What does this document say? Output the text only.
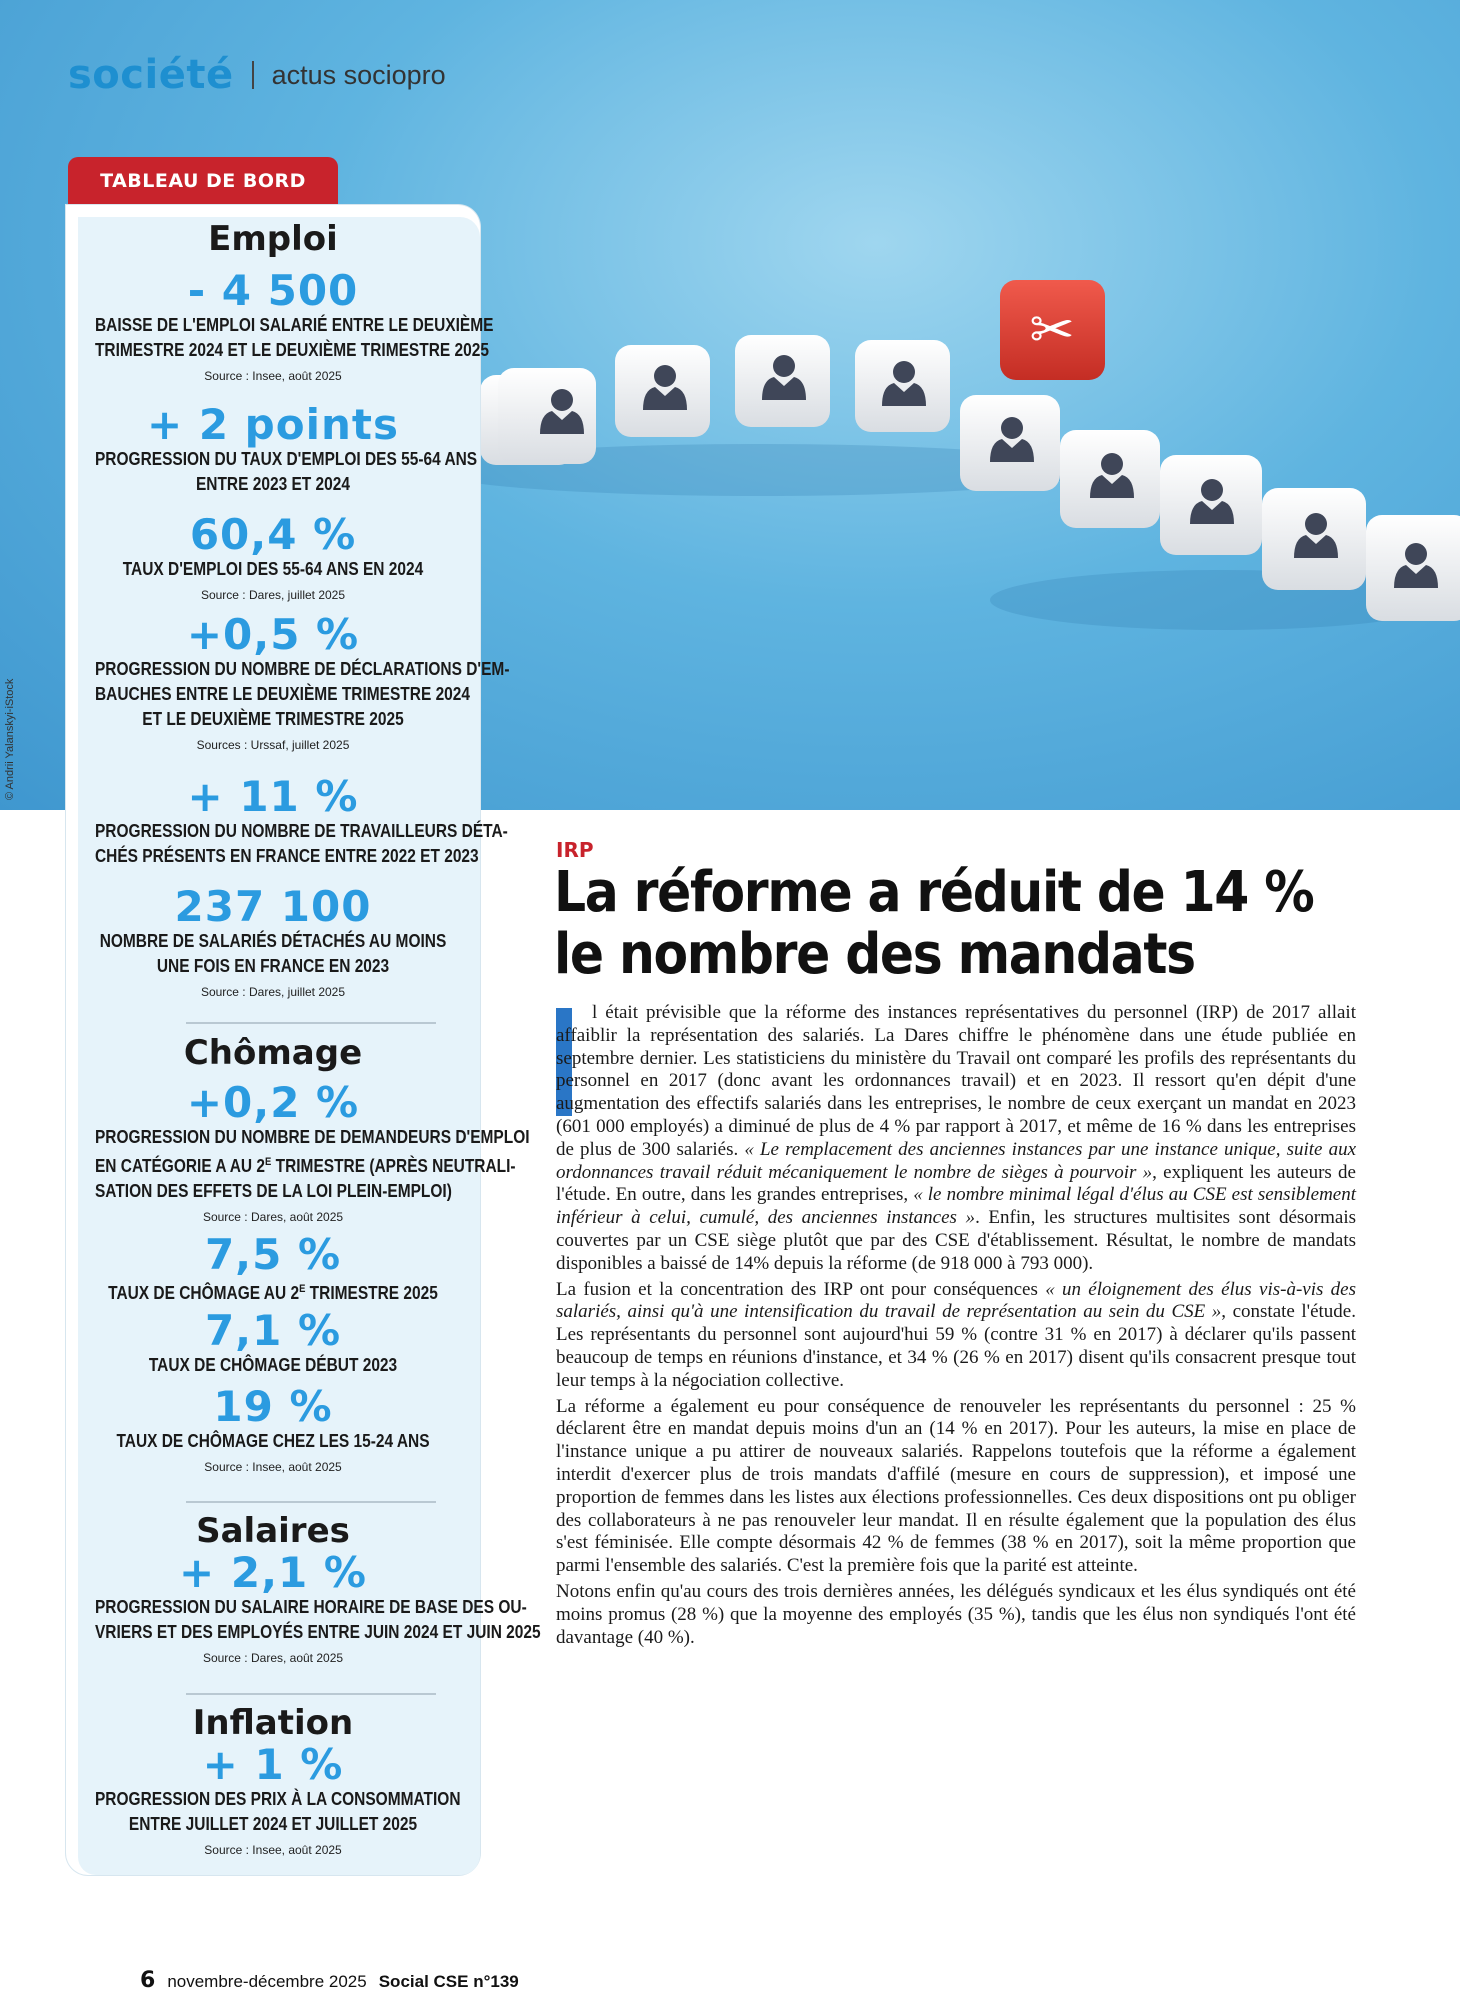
✂
© Andrii Yalanskyi-iStock
société actus sociopro
TABLEAU DE BORD
Emploi
- 4 500
BAISSE DE L'EMPLOI SALARIÉ ENTRE LE DEUXIÈME
TRIMESTRE 2024 ET LE DEUXIÈME TRIMESTRE 2025
Source : Insee, août 2025
+ 2 points
PROGRESSION DU TAUX D'EMPLOI DES 55-64 ANS
ENTRE 2023 ET 2024
60,4 %
TAUX D'EMPLOI DES 55-64 ANS EN 2024
Source : Dares, juillet 2025
+0,5 %
PROGRESSION DU NOMBRE DE DÉCLARATIONS D'EM-
BAUCHES ENTRE LE DEUXIÈME TRIMESTRE 2024
ET LE DEUXIÈME TRIMESTRE 2025
Sources : Urssaf, juillet 2025
+ 11 %
PROGRESSION DU NOMBRE DE TRAVAILLEURS DÉTA-
CHÉS PRÉSENTS EN FRANCE ENTRE 2022 ET 2023
237 100
NOMBRE DE SALARIÉS DÉTACHÉS AU MOINS
UNE FOIS EN FRANCE EN 2023
Source : Dares, juillet 2025
Chômage
+0,2 %
PROGRESSION DU NOMBRE DE DEMANDEURS D'EMPLOI
EN CATÉGORIE A AU $2^E$ TRIMESTRE (APRÈS NEUTRALI-
SATION DES EFFETS DE LA LOI PLEIN-EMPLOI)
Source : Dares, août 2025
7,5 %
TAUX DE CHÔMAGE AU $2^E$ TRIMESTRE 2025
7,1 %
TAUX DE CHÔMAGE DÉBUT 2023
19 %
TAUX DE CHÔMAGE CHEZ LES 15-24 ANS
Source : Insee, août 2025
Salaires
+ 2,1 %
PROGRESSION DU SALAIRE HORAIRE DE BASE DES OU-
VRIERS ET DES EMPLOYÉS ENTRE JUIN 2024 ET JUIN 2025
Source : Dares, août 2025
Inflation
+ 1 %
PROGRESSION DES PRIX À LA CONSOMMATION
ENTRE JUILLET 2024 ET JUILLET 2025
Source : Insee, août 2025
IRP
La réforme a réduit de 14 %
le nombre des mandats

l était prévisible que la réforme des instances représentatives du personnel (IRP) de 2017 allait affaiblir la représentation des salariés. La Dares chiffre le phénomène dans une étude publiée en septembre dernier. Les statisticiens du ministère du Travail ont comparé les profils des représentants du personnel en 2017 (donc avant les ordonnances travail) et en 2023. Il ressort qu'en dépit d'une augmentation des effectifs salariés dans les entreprises, le nombre de ceux exerçant un mandat en 2023 (601 000 employés) a diminué de plus de 4 % par rapport à 2017, et même de 16 % dans les entreprises de plus de 300 salariés. « Le remplacement des anciennes instances par une instance unique, suite aux ordonnances travail réduit mécaniquement le nombre de sièges à pourvoir », expliquent les auteurs de l'étude. En outre, dans les grandes entreprises, « le nombre minimal légal d'élus au CSE est sensiblement inférieur à celui, cumulé, des anciennes instances ». Enfin, les structures multisites sont désormais couvertes par un CSE siège plutôt que par des CSE d'établissement. Résultat, le nombre de mandats disponibles a baissé de 14% depuis la réforme (de 918 000 à 793 000).

La fusion et la concentration des IRP ont pour conséquences « un éloignement des élus vis-à-vis des salariés, ainsi qu'à une intensification du travail de représentation au sein du CSE », constate l'étude. Les représentants du personnel sont aujourd'hui 59 % (contre 31 % en 2017) à déclarer qu'ils passent beaucoup de temps en réunions d'instance, et 34 % (26 % en 2017) disent qu'ils consacrent presque tout leur temps à la négociation collective.

La réforme a également eu pour conséquence de renouveler les représentants du personnel : 25 % déclarent être en mandat depuis moins d'un an (14 % en 2017). Pour les auteurs, la mise en place de l'instance unique a pu attirer de nouveaux salariés. Rappelons toutefois que la réforme a également interdit d'exercer plus de trois mandats d'affilé (mesure en cours de suppression), et imposé une proportion de femmes dans les listes aux élections professionnelles. Ces deux dispositions ont pu obliger des collaborateurs à ne pas renouveler leur mandat. Il en résulte également que la population des élus s'est féminisée. Elle compte désormais 42 % de femmes (38 % en 2017), soit la même proportion que parmi l'ensemble des salariés. C'est la première fois que la parité est atteinte.

Notons enfin qu'au cours des trois dernières années, les délégués syndicaux et les élus syndiqués ont été moins promus (28 %) que la moyenne des employés (35 %), tandis que les élus non syndiqués l'ont été davantage (40 %).

6 novembre-décembre 2025 Social CSE n°139
